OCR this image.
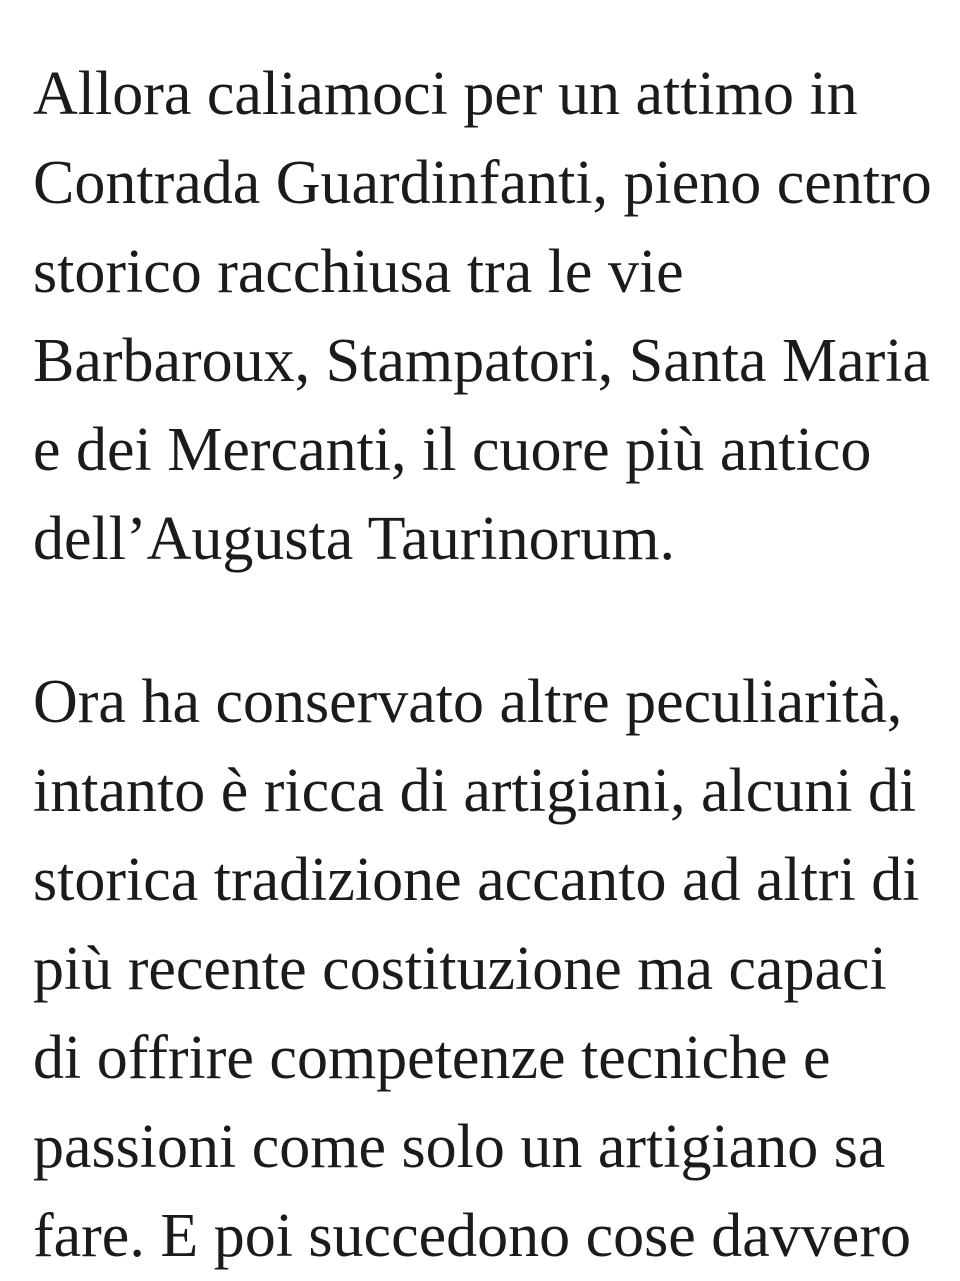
Allora caliamoci per un attimo in
Contrada Guardinfanti, pieno centro
storico racchiusa tra le vie
Barbaroux, Stampatori, Santa Maria
e dei Mercanti, il cuore più antico
dell’Augusta Taurinorum.
Ora ha conservato altre peculiarità,
intanto è ricca di artigiani, alcuni di
storica tradizione accanto ad altri di
più recente costituzione ma capaci
di offrire competenze tecniche e
passioni come solo un artigiano sa
fare. E poi succedono cose davvero
